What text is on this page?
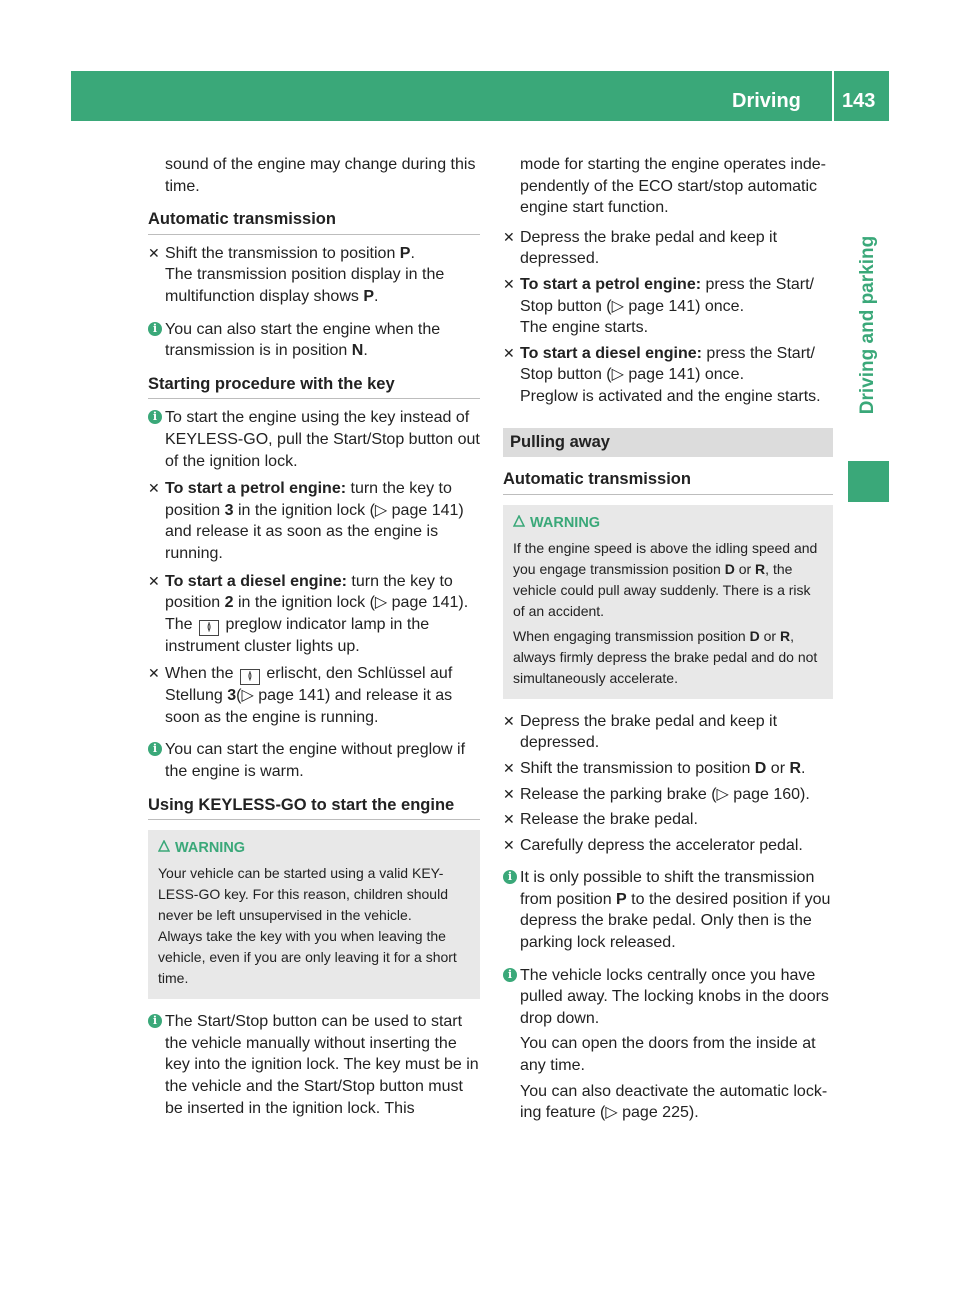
Driving 143
Driving and parking

sound of the engine may change during this time.

Automatic transmission
✕ Shift the transmission to position P.
The transmission position display in the multifunction display shows P.
i You can also start the engine when the transmission is in position N.
Starting procedure with the key
i To start the engine using the key instead of KEYLESS-GO, pull the Start/Stop button out of the ignition lock.
✕ To start a petrol engine: turn the key to position 3 in the ignition lock (▷ page 141) and release it as soon as the engine is running.
✕ To start a diesel engine: turn the key to position 2 in the ignition lock (▷ page 141).
The ≬ preglow indicator lamp in the instrument cluster lights up.
✕ When the ≬ erlischt, den Schlüssel auf Stellung 3(▷ page 141) and release it as soon as the engine is running.
i You can start the engine without preglow if the engine is warm.
Using KEYLESS-GO to start the engine
WARNING
Your vehicle can be started using a valid KEY-LESS-GO key. For this reason, children should never be left unsupervised in the vehicle.
Always take the key with you when leaving the vehicle, even if you are only leaving it for a short time.
i The Start/Stop button can be used to start the vehicle manually without inserting the key into the ignition lock. The key must be in the vehicle and the Start/Stop button must be inserted in the ignition lock. This

mode for starting the engine operates inde-pendently of the ECO start/stop automatic engine start function.

✕ Depress the brake pedal and keep it depressed.
✕ To start a petrol engine: press the Start/ Stop button (▷ page 141) once.
The engine starts.
✕ To start a diesel engine: press the Start/ Stop button (▷ page 141) once.
Preglow is activated and the engine starts.
Pulling away
Automatic transmission
WARNING
If the engine speed is above the idling speed and you engage transmission position D or R, the vehicle could pull away suddenly. There is a risk of an accident.
When engaging transmission position D or R, always firmly depress the brake pedal and do not simultaneously accelerate.
✕ Depress the brake pedal and keep it depressed.
✕ Shift the transmission to position D or R.
✕ Release the parking brake (▷ page 160).
✕ Release the brake pedal.
✕ Carefully depress the accelerator pedal.
i It is only possible to shift the transmission from position P to the desired position if you depress the brake pedal. Only then is the parking lock released.
i The vehicle locks centrally once you have pulled away. The locking knobs in the doors drop down.
You can open the doors from the inside at any time.
You can also deactivate the automatic lock-ing feature (▷ page 225).
